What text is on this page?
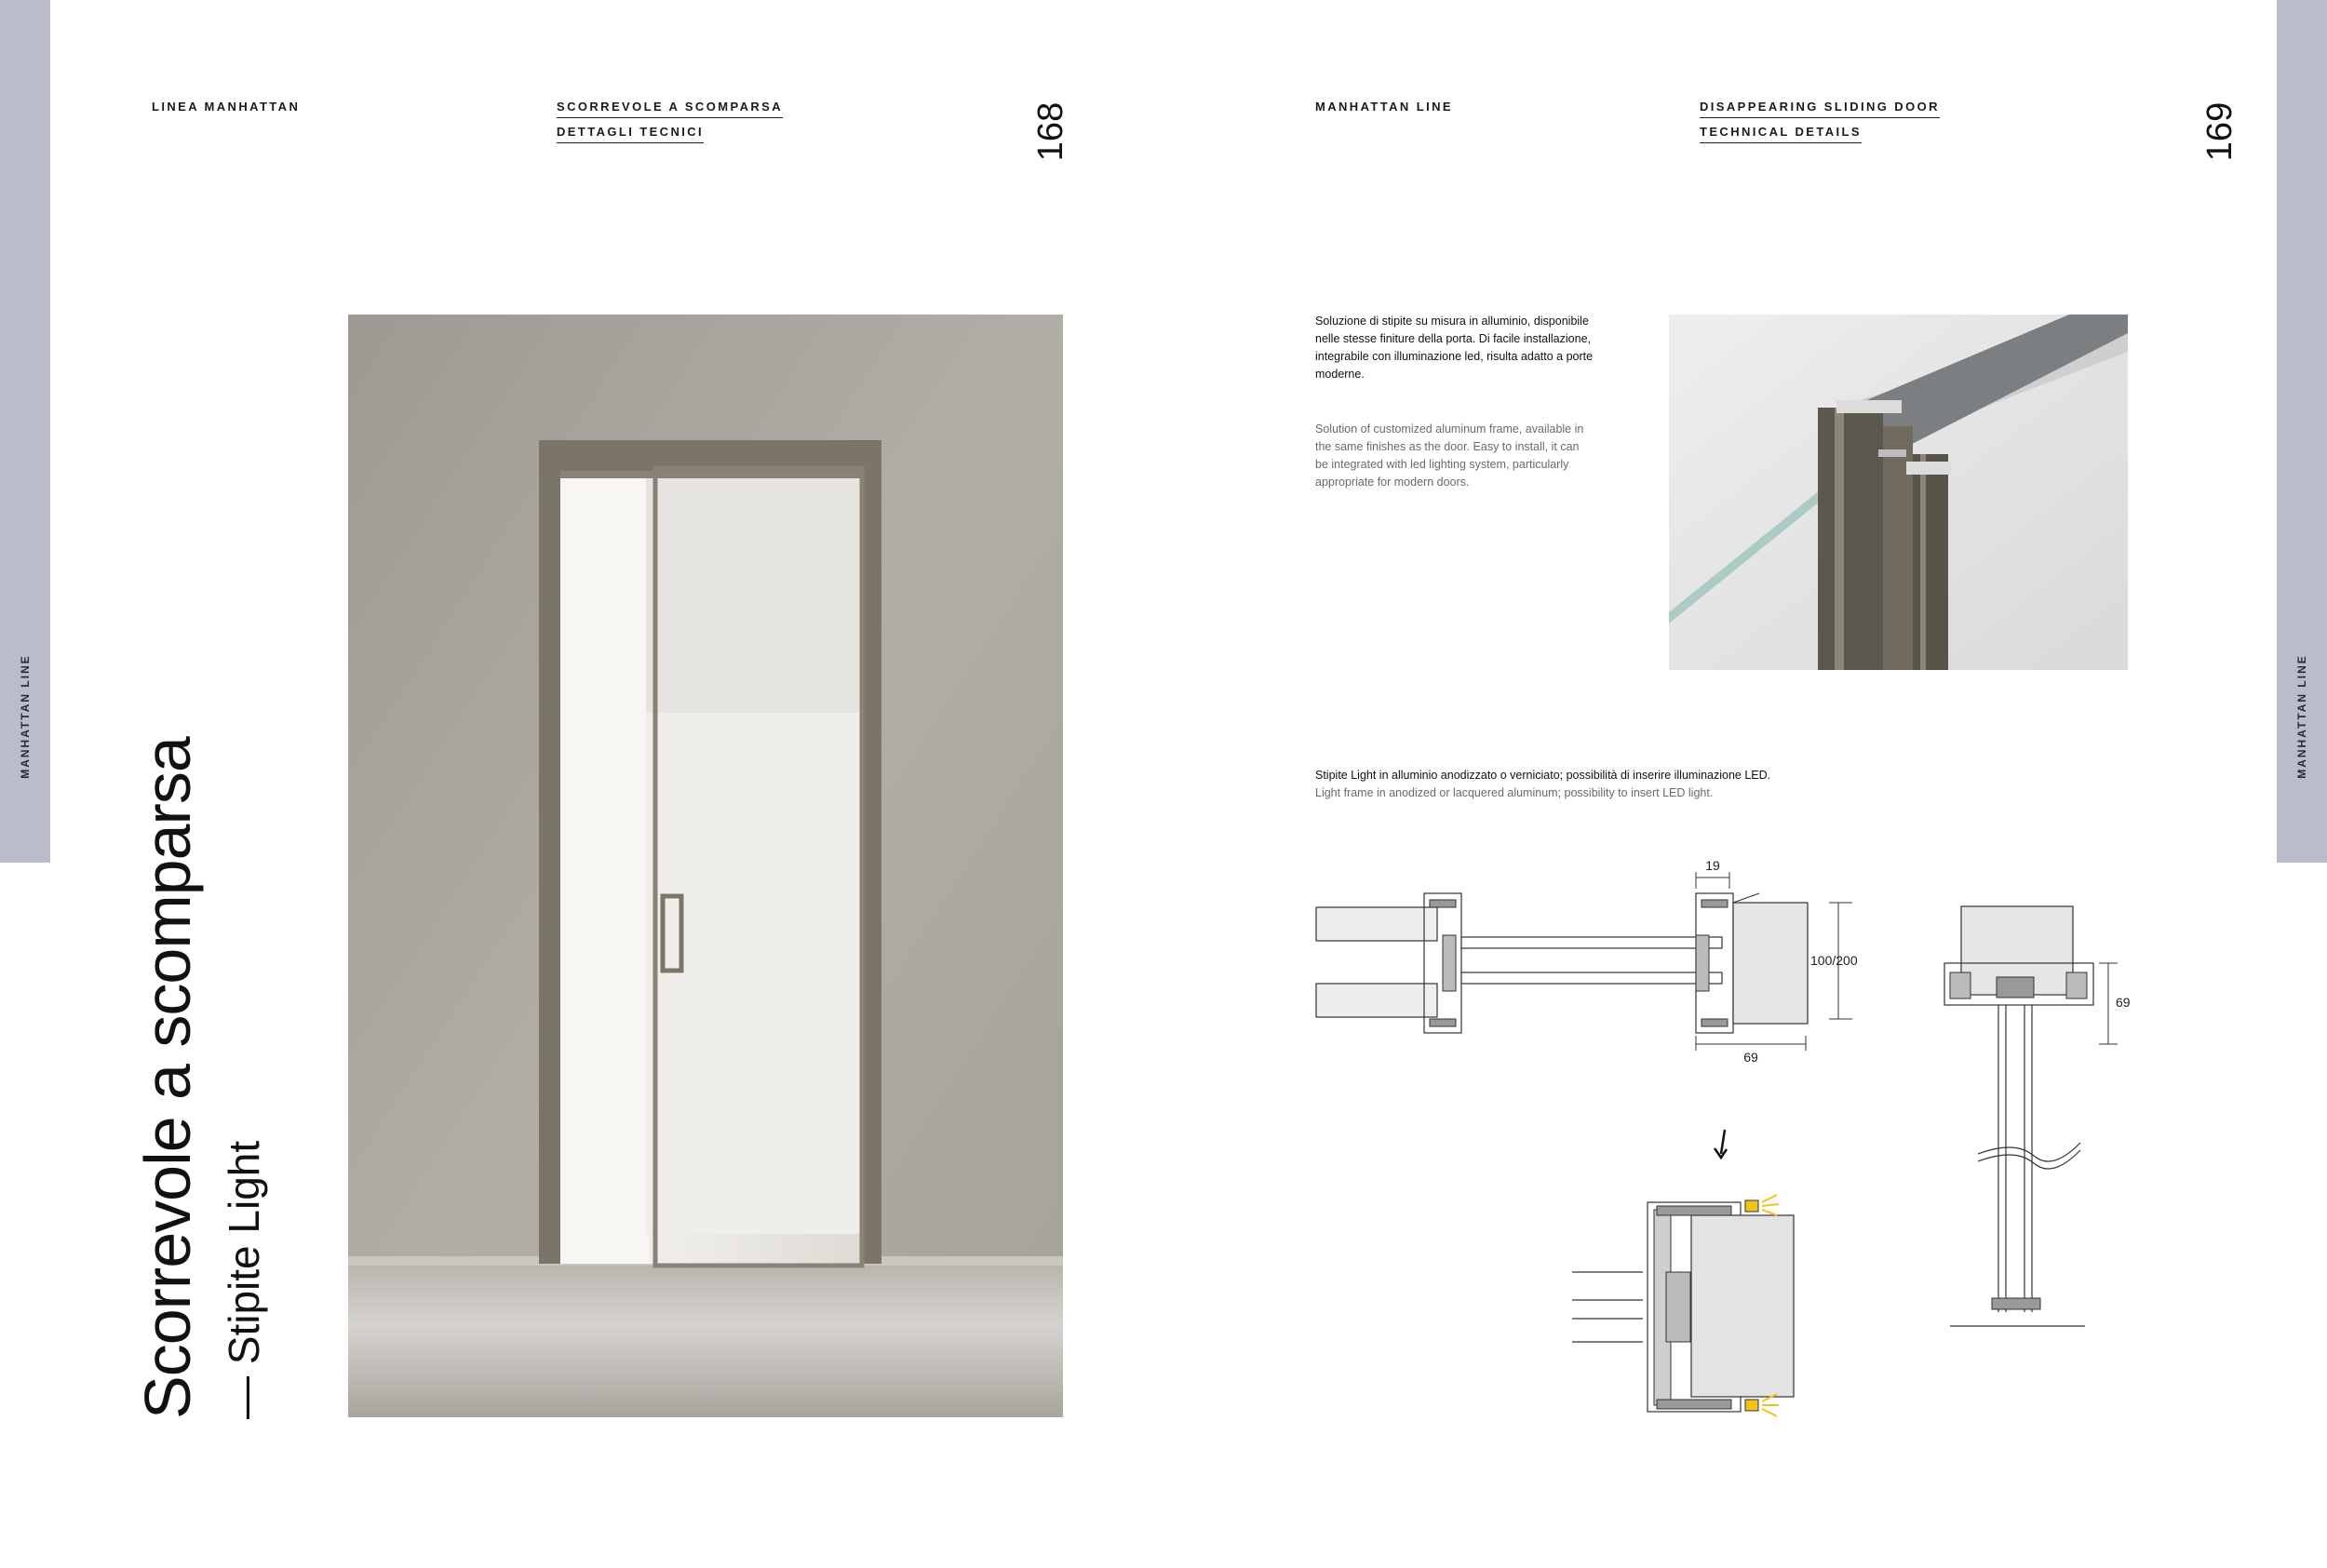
MANHATTAN LINE	MANHATTAN LINE
LINEA MANHATTAN	SCORREVOLE A SCOMPARSA
DETTAGLI TECNICI	168	MANHATTAN LINE	DISAPPEARING SLIDING DOOR
TECHNICAL DETAILS	169
Scorrevole a scomparsa — Stipite Light
Soluzione di stipite su misura in alluminio, disponibile nelle stesse finiture della porta. Di facile installazione, integrabile con illuminazione led, risulta adatto a porte moderne.
Solution of customized aluminum frame, available in the same finishes as the door. Easy to install, it can be integrated with led lighting system, particularly appropriate for modern doors.
Stipite Light in alluminio anodizzato o verniciato; possibilità di inserire illuminazione LED.
Light frame in anodized or lacquered aluminum; possibility to insert LED light.
19
100/200
69
69
